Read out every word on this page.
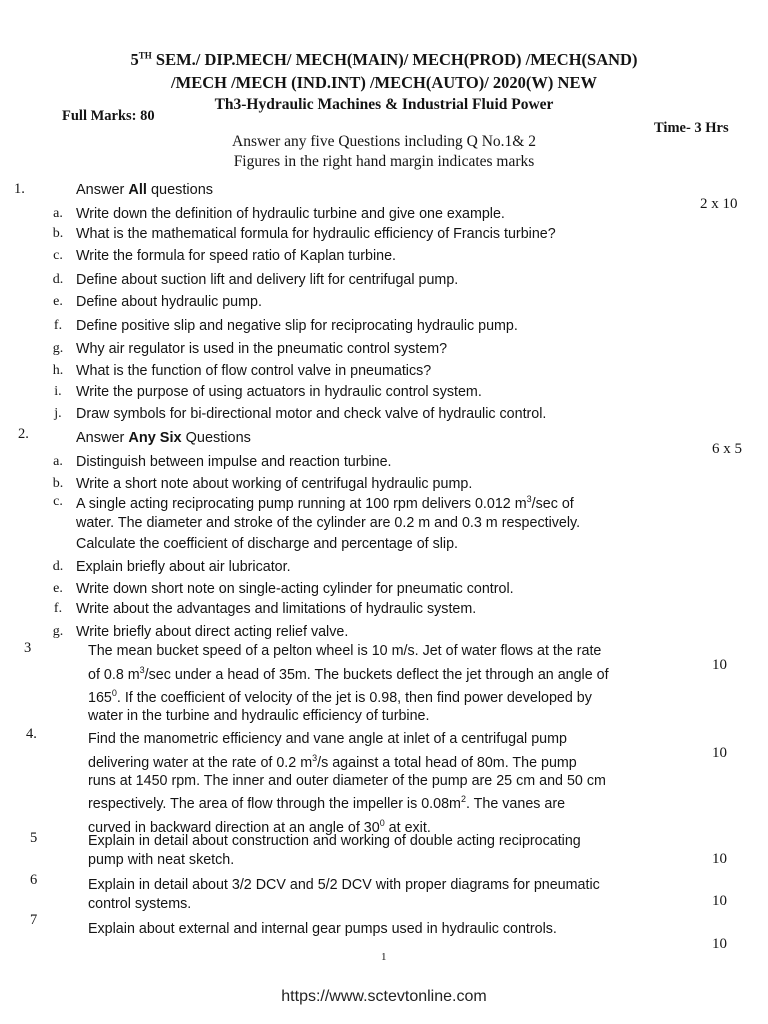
5TH SEM./ DIP.MECH/ MECH(MAIN)/ MECH(PROD) /MECH(SAND)
/MECH /MECH (IND.INT) /MECH(AUTO)/ 2020(W) NEW
Th3-Hydraulic Machines & Industrial Fluid Power
Full Marks: 80
Time- 3 Hrs
Answer any five Questions including Q No.1& 2
Figures in the right hand margin indicates marks
1.	Answer All questions
2 x 10
a. Write down the definition of hydraulic turbine and give one example.
b. What is the mathematical formula for hydraulic efficiency of Francis turbine?
c. Write the formula for speed ratio of Kaplan turbine.
d. Define about suction lift and delivery lift for centrifugal pump.
e. Define about hydraulic pump.
f. Define positive slip and negative slip for reciprocating hydraulic pump.
g. Why air regulator is used in the pneumatic control system?
h. What is the function of flow control valve in pneumatics?
i.	Write the purpose of using actuators in hydraulic control system.
j.	Draw symbols for bi-directional motor and check valve of hydraulic control.
2.	Answer Any Six Questions
6 x 5
a. Distinguish between impulse and reaction turbine.
b. Write a short note about working of centrifugal hydraulic pump.
c. A single acting reciprocating pump running at 100 rpm delivers 0.012 $m^3/\sec$ of
water. The diameter and stroke of the cylinder are 0.2 m and 0.3 m respectively.
Calculate the coefficient of discharge and percentage of slip.
d. Explain briefly about air lubricator.
e. Write down short note on single-acting cylinder for pneumatic control.
f. Write about the advantages and limitations of hydraulic system.
g. Write briefly about direct acting relief valve.
3
10
The mean bucket speed of a pelton wheel is 10 m/s. Jet of water flows at the rate
of 0.8 $m^3/\sec$ under a head of 35m. The buckets deflect the jet through an angle of
$165^0$. If the coefficient of velocity of the jet is 0.98, then find power developed by
water in the turbine and hydraulic efficiency of turbine.
4.
10
Find the manometric efficiency and vane angle at inlet of a centrifugal pump
delivering water at the rate of 0.2 $m^3/s$ against a total head of 80m. The pump
runs at 1450 rpm. The inner and outer diameter of the pump are 25 cm and 50 cm
respectively. The area of flow through the impeller is $0.08m^2$. The vanes are
curved in backward direction at an angle of $30^0$ at exit.
5
10
Explain in detail about construction and working of double acting reciprocating
pump with neat sketch.
6
10
Explain in detail about 3/2 DCV and 5/2 DCV with proper diagrams for pneumatic
control systems.
7
10
Explain about external and internal gear pumps used in hydraulic controls.
1
https://www.sctevtonline.com
